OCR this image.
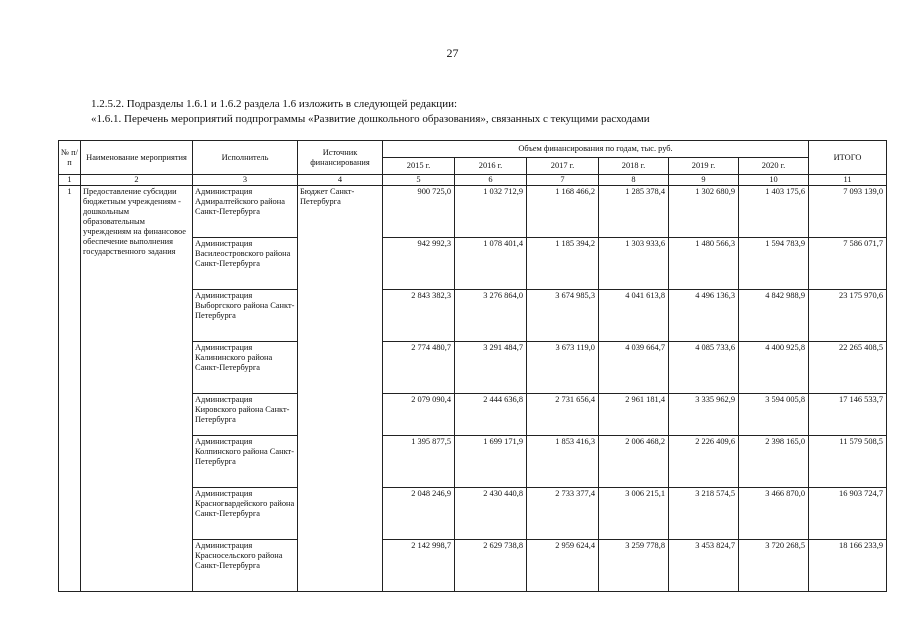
27
1.2.5.2. Подразделы 1.6.1 и 1.6.2 раздела 1.6 изложить в следующей редакции:
«1.6.1. Перечень мероприятий подпрограммы «Развитие дошкольного образования», связанных с текущими расходами
№ п/п	Наименование мероприятия	Исполнитель	Источник финансирования	Объем финансирования по годам, тыс. руб.						ИТОГО
				2015 г.	2016 г.	2017 г.	2018 г.	2019 г.	2020 г.	
1	2	3	4	5	6	7	8	9	10	11
1	Предоставление субсидии бюджетным учреждениям - дошкольным образовательным учреждениям на финансовое обеспечение выполнения государственного задания	Администрация Адмиралтейского района Санкт-Петербурга	Бюджет Санкт-Петербурга	900 725,0	1 032 712,9	1 168 466,2	1 285 378,4	1 302 680,9	1 403 175,6	7 093 139,0
		Администрация Василеостровского района Санкт-Петербурга		942 992,3	1 078 401,4	1 185 394,2	1 303 933,6	1 480 566,3	1 594 783,9	7 586 071,7
		Администрация Выборгского района Санкт-Петербурга		2 843 382,3	3 276 864,0	3 674 985,3	4 041 613,8	4 496 136,3	4 842 988,9	23 175 970,6
		Администрация Калининского района Санкт-Петербурга		2 774 480,7	3 291 484,7	3 673 119,0	4 039 664,7	4 085 733,6	4 400 925,8	22 265 408,5
		Администрация Кировского района Санкт-Петербурга		2 079 090,4	2 444 636,8	2 731 656,4	2 961 181,4	3 335 962,9	3 594 005,8	17 146 533,7
		Администрация Колпинского района Санкт-Петербурга		1 395 877,5	1 699 171,9	1 853 416,3	2 006 468,2	2 226 409,6	2 398 165,0	11 579 508,5
		Администрация Красногвардейского района Санкт-Петербурга		2 048 246,9	2 430 440,8	2 733 377,4	3 006 215,1	3 218 574,5	3 466 870,0	16 903 724,7
		Администрация Красносельского района Санкт-Петербурга		2 142 998,7	2 629 738,8	2 959 624,4	3 259 778,8	3 453 824,7	3 720 268,5	18 166 233,9
